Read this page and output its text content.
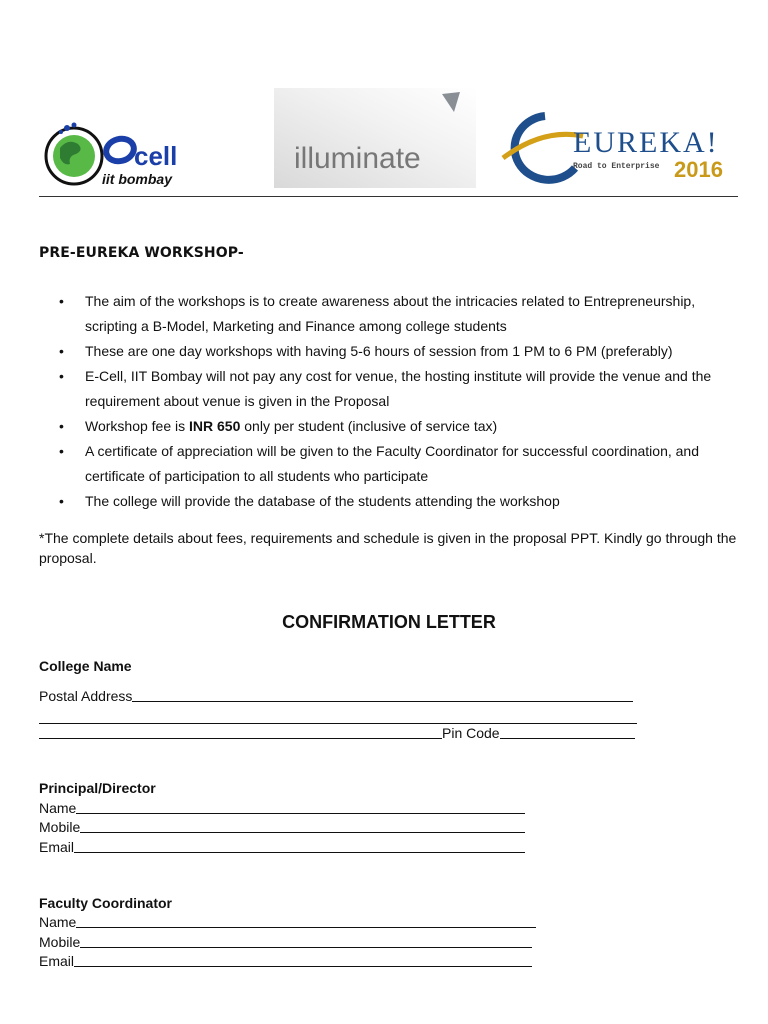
cell
iit bombay
illuminate	EUREKA!
Road to Enterprise 2016
PRE-EUREKA WORKSHOP-
• The aim of the workshops is to create awareness about the intricacies related to Entrepreneurship, scripting a B-Model, Marketing and Finance among college students
• These are one day workshops with having 5-6 hours of session from 1 PM to 6 PM (preferably)
• E-Cell, IIT Bombay will not pay any cost for venue, the hosting institute will provide the venue and the requirement about venue is given in the Proposal
• Workshop fee is INR 650 only per student (inclusive of service tax)
• A certificate of appreciation will be given to the Faculty Coordinator for successful coordination, and certificate of participation to all students who participate
• The college will provide the database of the students attending the workshop
*The complete details about fees, requirements and schedule is given in the proposal PPT. Kindly go through the proposal.
CONFIRMATION LETTER
College Name
Postal Address
Pin Code
Principal/Director
Name
Mobile
Email
Faculty Coordinator
Name
Mobile
Email
